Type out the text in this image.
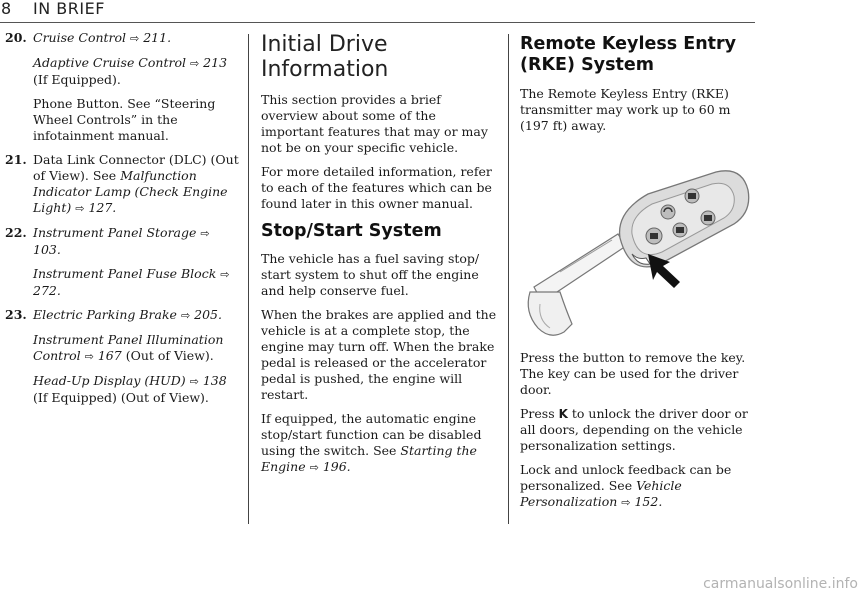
8 IN BRIEF
20. Cruise Control ⇨ 211.
Adaptive Cruise Control ⇨ 213 (If Equipped).
Phone Button. See “Steering Wheel Controls” in the infotainment manual.
21. Data Link Connector (DLC) (Out of View). See Malfunction Indicator Lamp (Check Engine Light) ⇨ 127.
22. Instrument Panel Storage ⇨ 103.
Instrument Panel Fuse Block ⇨ 272.
23. Electric Parking Brake ⇨ 205.
Instrument Panel Illumination Control ⇨ 167 (Out of View).
Head-Up Display (HUD) ⇨ 138 (If Equipped) (Out of View).
Initial Drive Information
This section provides a brief overview about some of the important features that may or may not be on your specific vehicle.
For more detailed information, refer to each of the features which can be found later in this owner manual.
Stop/Start System
The vehicle has a fuel saving stop/ start system to shut off the engine and help conserve fuel.
When the brakes are applied and the vehicle is at a complete stop, the engine may turn off. When the brake pedal is released or the accelerator pedal is pushed, the engine will restart.
If equipped, the automatic engine stop/start function can be disabled using the switch. See Starting the Engine ⇨ 196.
Remote Keyless Entry (RKE) System
The Remote Keyless Entry (RKE) transmitter may work up to 60 m (197 ft) away.
Press the button to remove the key. The key can be used for the driver door.
Press K to unlock the driver door or all doors, depending on the vehicle personalization settings.
Lock and unlock feedback can be personalized. See Vehicle Personalization ⇨ 152.
carmanualsonline.info
